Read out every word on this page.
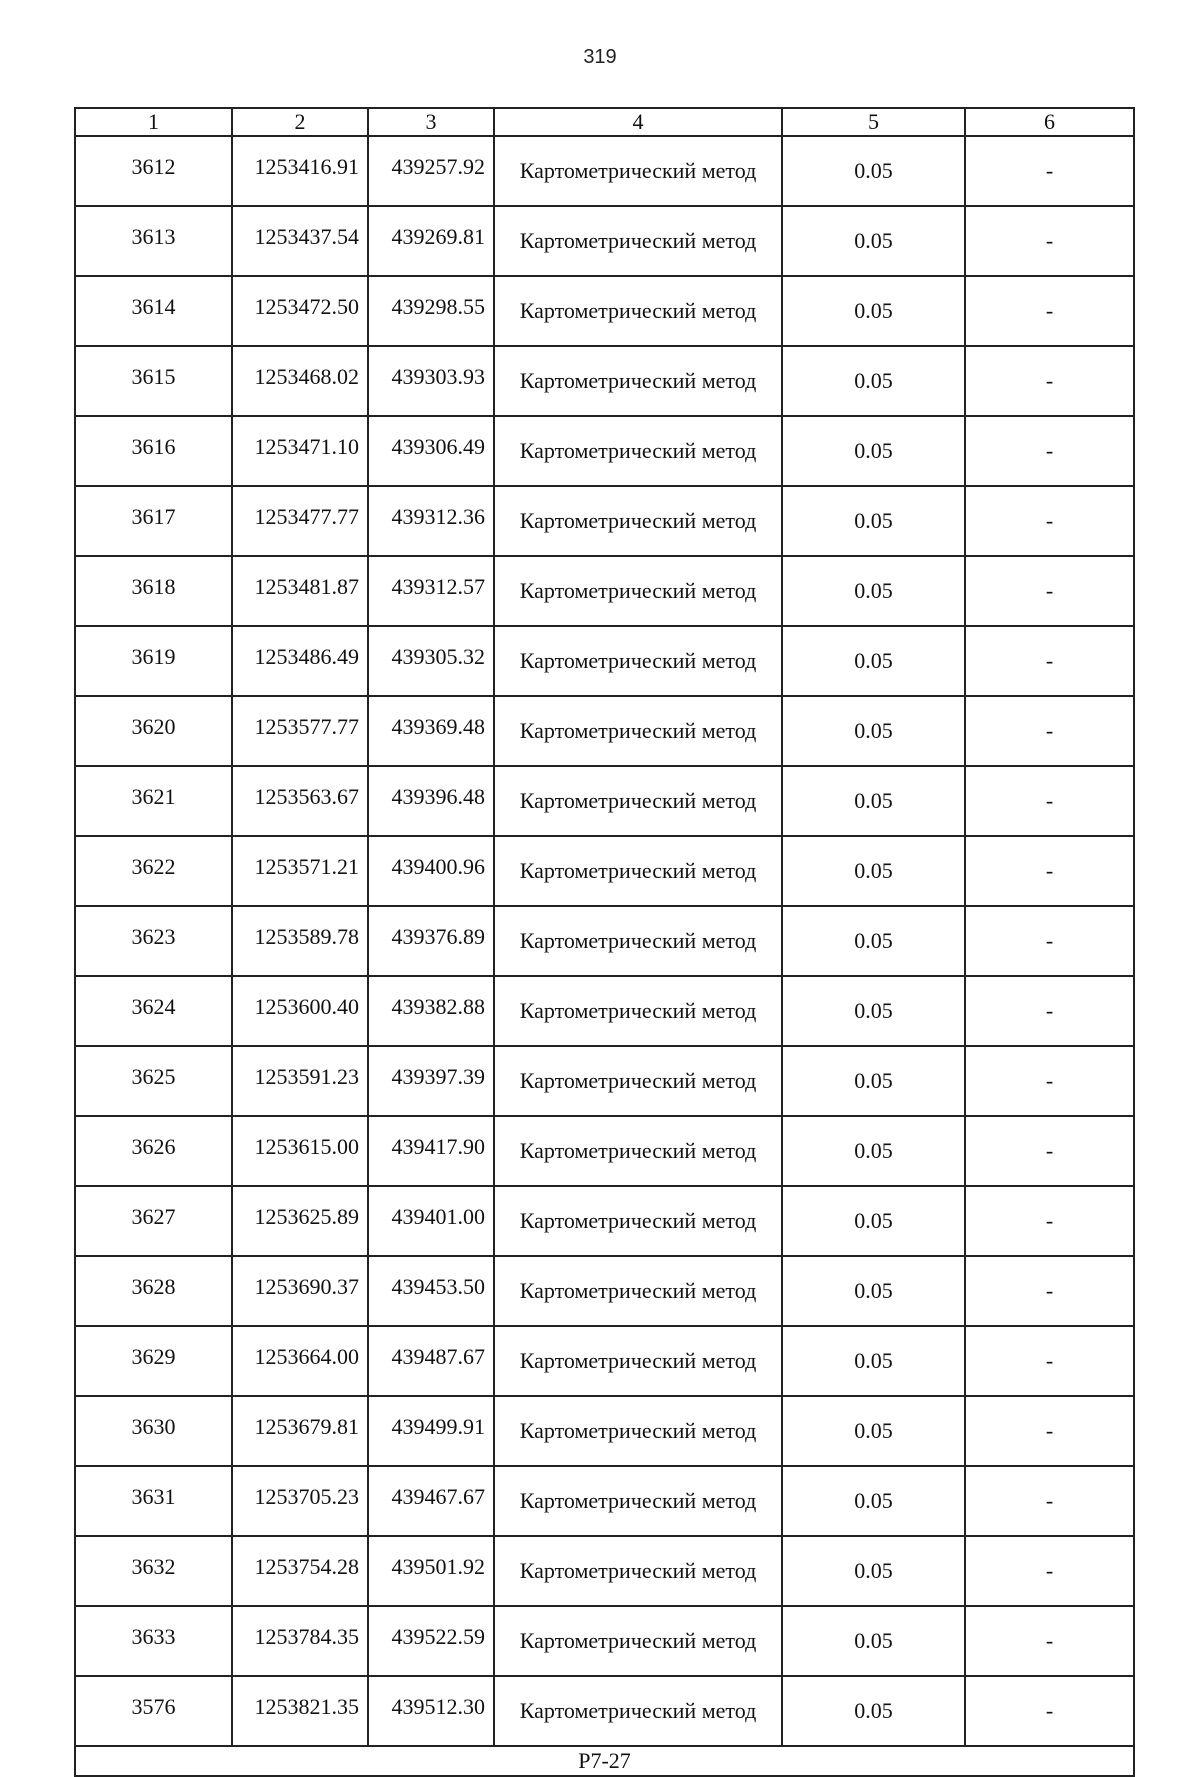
319
1	2	3	4	5	6
3612	1253416.91	439257.92	Картометрический метод	0.05	-
3613	1253437.54	439269.81	Картометрический метод	0.05	-
3614	1253472.50	439298.55	Картометрический метод	0.05	-
3615	1253468.02	439303.93	Картометрический метод	0.05	-
3616	1253471.10	439306.49	Картометрический метод	0.05	-
3617	1253477.77	439312.36	Картометрический метод	0.05	-
3618	1253481.87	439312.57	Картометрический метод	0.05	-
3619	1253486.49	439305.32	Картометрический метод	0.05	-
3620	1253577.77	439369.48	Картометрический метод	0.05	-
3621	1253563.67	439396.48	Картометрический метод	0.05	-
3622	1253571.21	439400.96	Картометрический метод	0.05	-
3623	1253589.78	439376.89	Картометрический метод	0.05	-
3624	1253600.40	439382.88	Картометрический метод	0.05	-
3625	1253591.23	439397.39	Картометрический метод	0.05	-
3626	1253615.00	439417.90	Картометрический метод	0.05	-
3627	1253625.89	439401.00	Картометрический метод	0.05	-
3628	1253690.37	439453.50	Картометрический метод	0.05	-
3629	1253664.00	439487.67	Картометрический метод	0.05	-
3630	1253679.81	439499.91	Картометрический метод	0.05	-
3631	1253705.23	439467.67	Картометрический метод	0.05	-
3632	1253754.28	439501.92	Картометрический метод	0.05	-
3633	1253784.35	439522.59	Картометрический метод	0.05	-
3576	1253821.35	439512.30	Картометрический метод	0.05	-
Р7-27					
